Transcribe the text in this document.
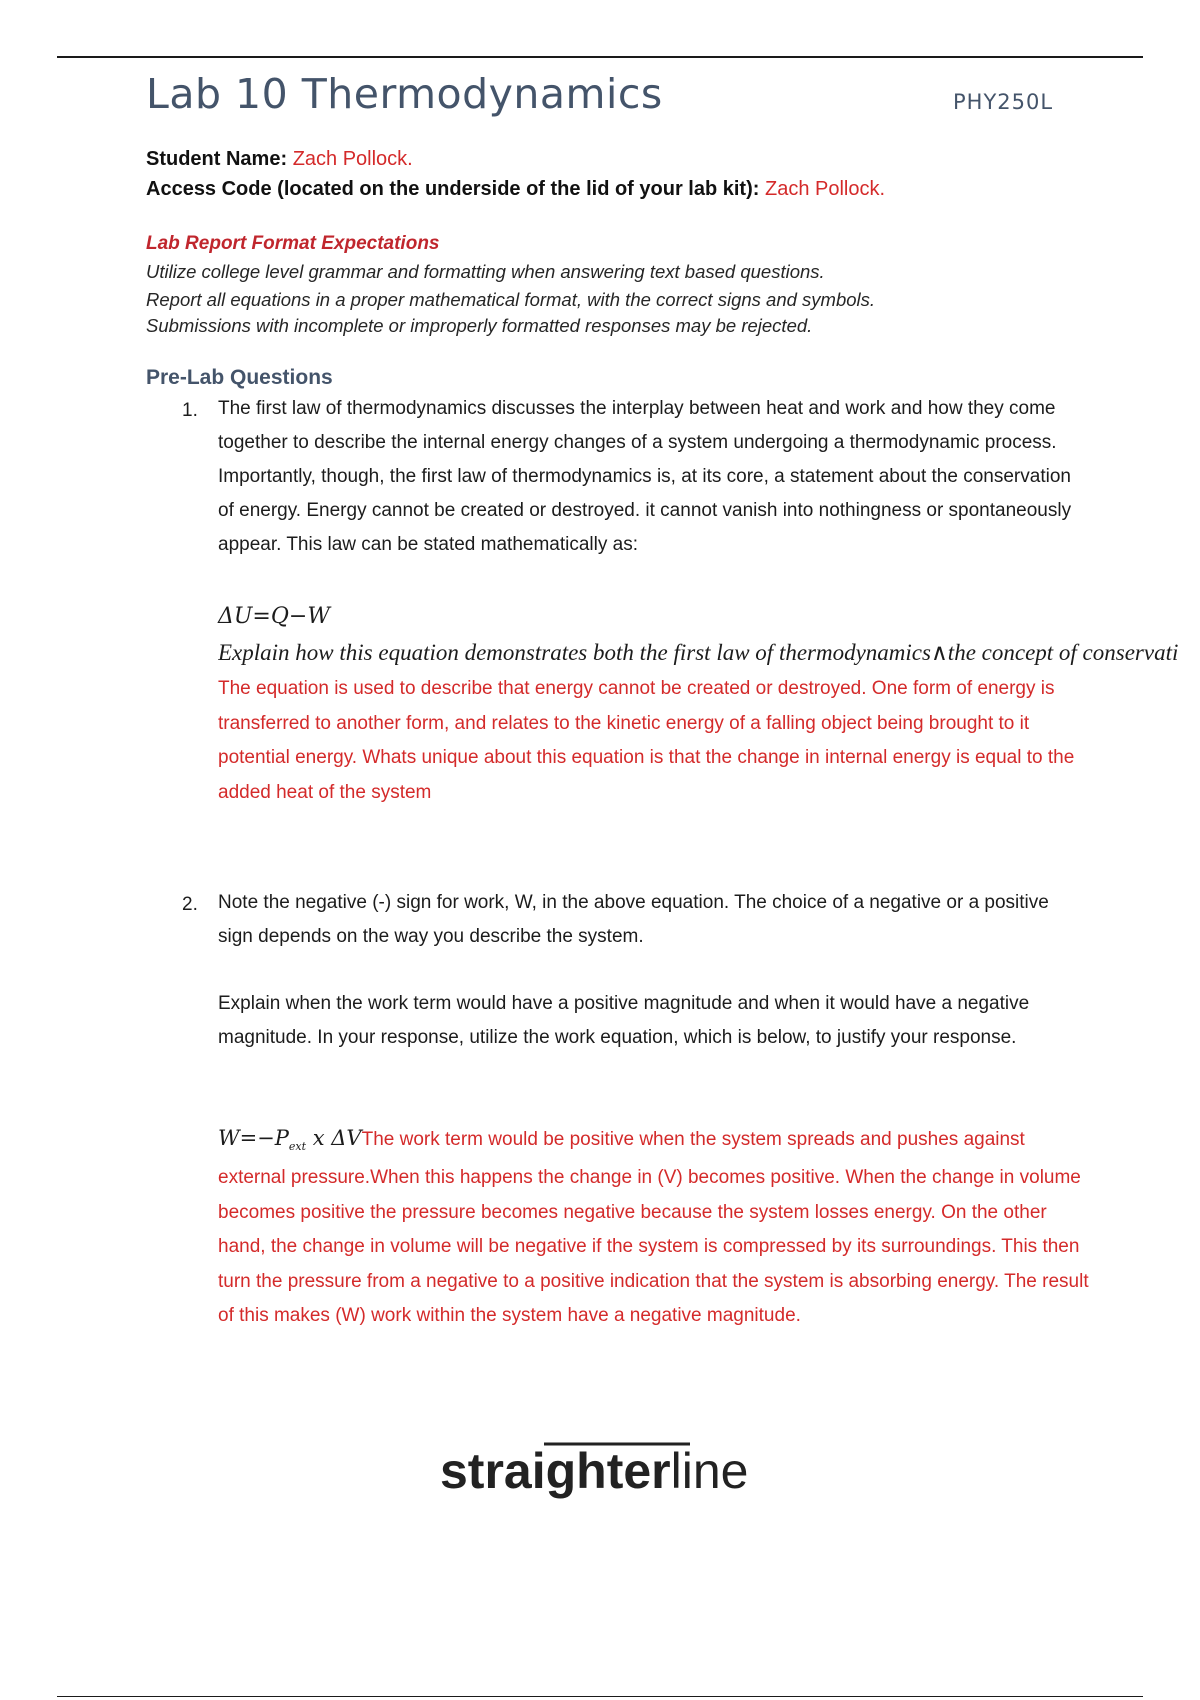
Lab 10 Thermodynamics	PHY250L
Student Name: Zach Pollock.
Access Code (located on the underside of the lid of your lab kit): Zach Pollock.
Lab Report Format Expectations
Utilize college level grammar and formatting when answering text based questions.
Report all equations in a proper mathematical format, with the correct signs and symbols.
Submissions with incomplete or improperly formatted responses may be rejected.
Pre-Lab Questions
1. The first law of thermodynamics discusses the interplay between heat and work and how they come together to describe the internal energy changes of a system undergoing a thermodynamic process. Importantly, though, the first law of thermodynamics is, at its core, a statement about the conservation of energy. Energy cannot be created or destroyed. it cannot vanish into nothingness or spontaneously appear. This law can be stated mathematically as:
ΔU=Q−W
Explain how this equation demonstrates both the first law of thermodynamics∧the concept of conservati
The equation is used to describe that energy cannot be created or destroyed. One form of energy is transferred to another form, and relates to the kinetic energy of a falling object being brought to it potential energy. Whats unique about this equation is that the change in internal energy is equal to the added heat of the system
2. Note the negative (-) sign for work, W, in the above equation. The choice of a negative or a positive sign depends on the way you describe the system.
Explain when the work term would have a positive magnitude and when it would have a negative magnitude. In your response, utilize the work equation, which is below, to justify your response.
$W=-P_{ext}$ x ΔVThe work term would be positive when the system spreads and pushes against
external pressure.When this happens the change in (V) becomes positive. When the change in volume becomes positive the pressure becomes negative because the system losses energy. On the other hand, the change in volume will be negative if the system is compressed by its surroundings. This then turn the pressure from a negative to a positive indication that the system is absorbing energy. The result of this makes (W) work within the system have a negative magnitude.
straighterline
